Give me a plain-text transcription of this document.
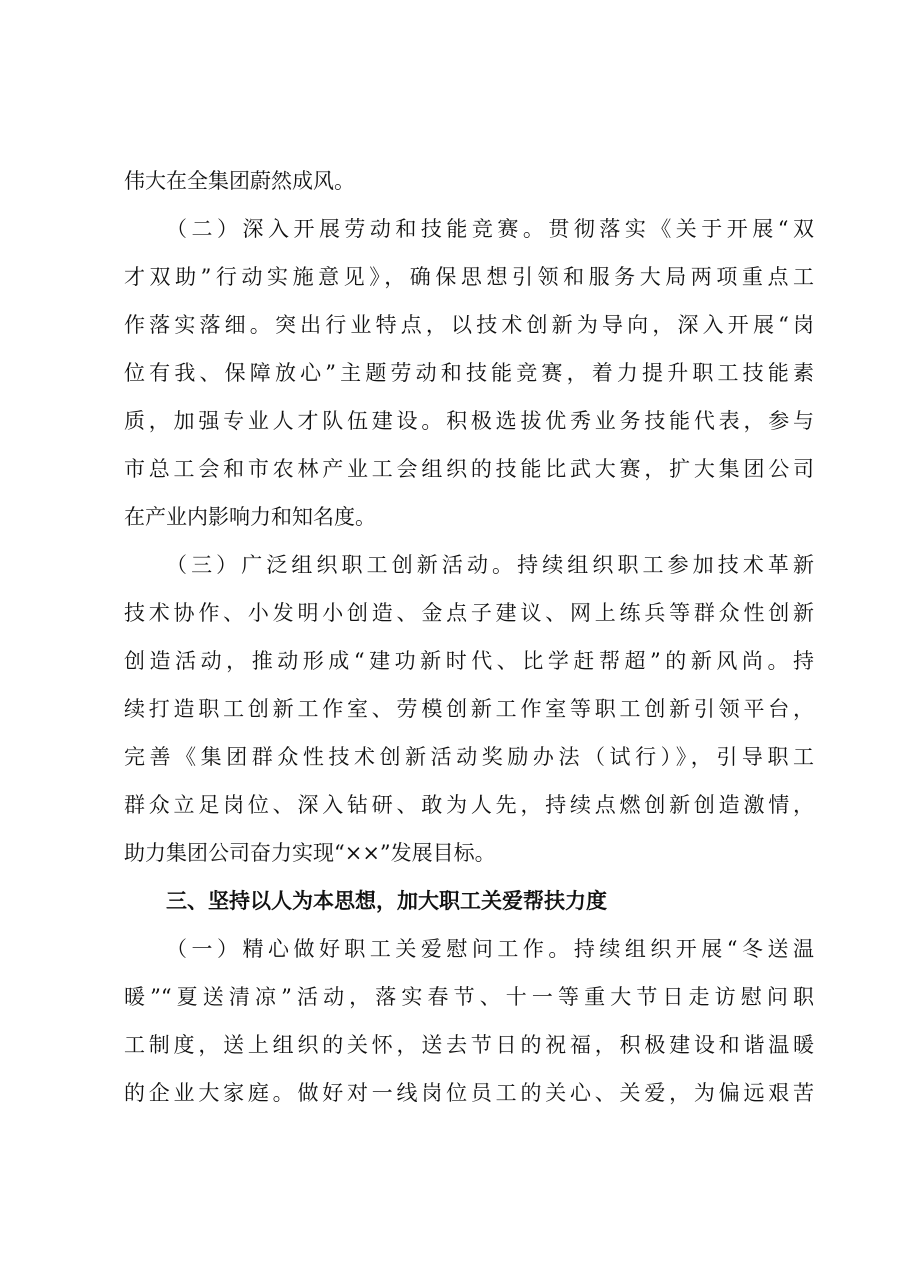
伟大在全集团蔚然成风。
（二）深入开展劳动和技能竞赛。贯彻落实《关于开展“双
才双助”行动实施意见》，确保思想引领和服务大局两项重点工
作落实落细。突出行业特点，以技术创新为导向，深入开展“岗
位有我、保障放心”主题劳动和技能竞赛，着力提升职工技能素
质，加强专业人才队伍建设。积极选拔优秀业务技能代表，参与
市总工会和市农林产业工会组织的技能比武大赛，扩大集团公司
在产业内影响力和知名度。
（三）广泛组织职工创新活动。持续组织职工参加技术革新
技术协作、小发明小创造、金点子建议、网上练兵等群众性创新
创造活动，推动形成“建功新时代、比学赶帮超”的新风尚。持
续打造职工创新工作室、劳模创新工作室等职工创新引领平台，
完善《集团群众性技术创新活动奖励办法（试行）》，引导职工
群众立足岗位、深入钻研、敢为人先，持续点燃创新创造激情，
助力集团公司奋力实现“××”发展目标。
三、坚持以人为本思想，加大职工关爱帮扶力度
（一）精心做好职工关爱慰问工作。持续组织开展“冬送温
暖”“夏送清凉”活动，落实春节、十一等重大节日走访慰问职
工制度，送上组织的关怀，送去节日的祝福，积极建设和谐温暖
的企业大家庭。做好对一线岗位员工的关心、关爱，为偏远艰苦
